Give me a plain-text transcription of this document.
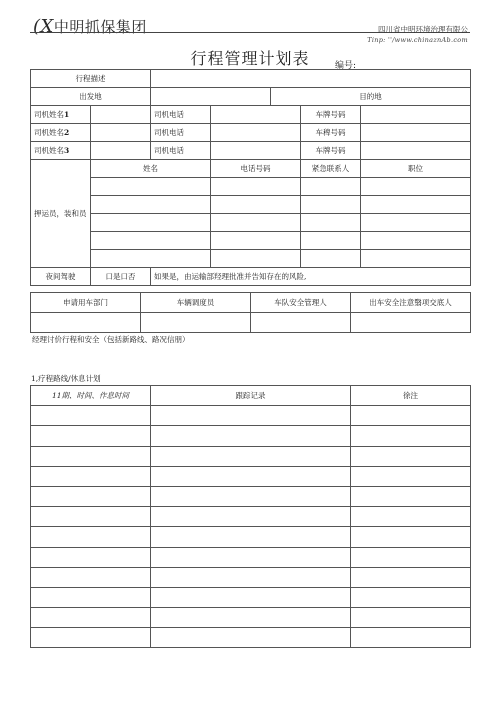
(X中明抓保集团	四川省中明环境治理有限公
Tinp: ''/www.chinaznAb.com
行程管理计划表	编号:
行程描述						
出发地				目的地		
司机姓名1		司机电话			车牌号码	
司机姓名2		司机电话			车稗号码	
司机姓名3		司机电话			车牌号码	
押运员，装和员	姓名		电话号码		紧急联系人	职位

夜间驾驶	口是口否	如果是，由运输部羟理批准并告知存在的风险,				
申请用车部门	车辆调度员	车队安全管理人	出车安全注意翳项交底人

经理讨价行程和安全（包括新路线、路况信朋）
1,疗程路线/休息计划
11期、时间、作息时间	跟踪记录	徐注
